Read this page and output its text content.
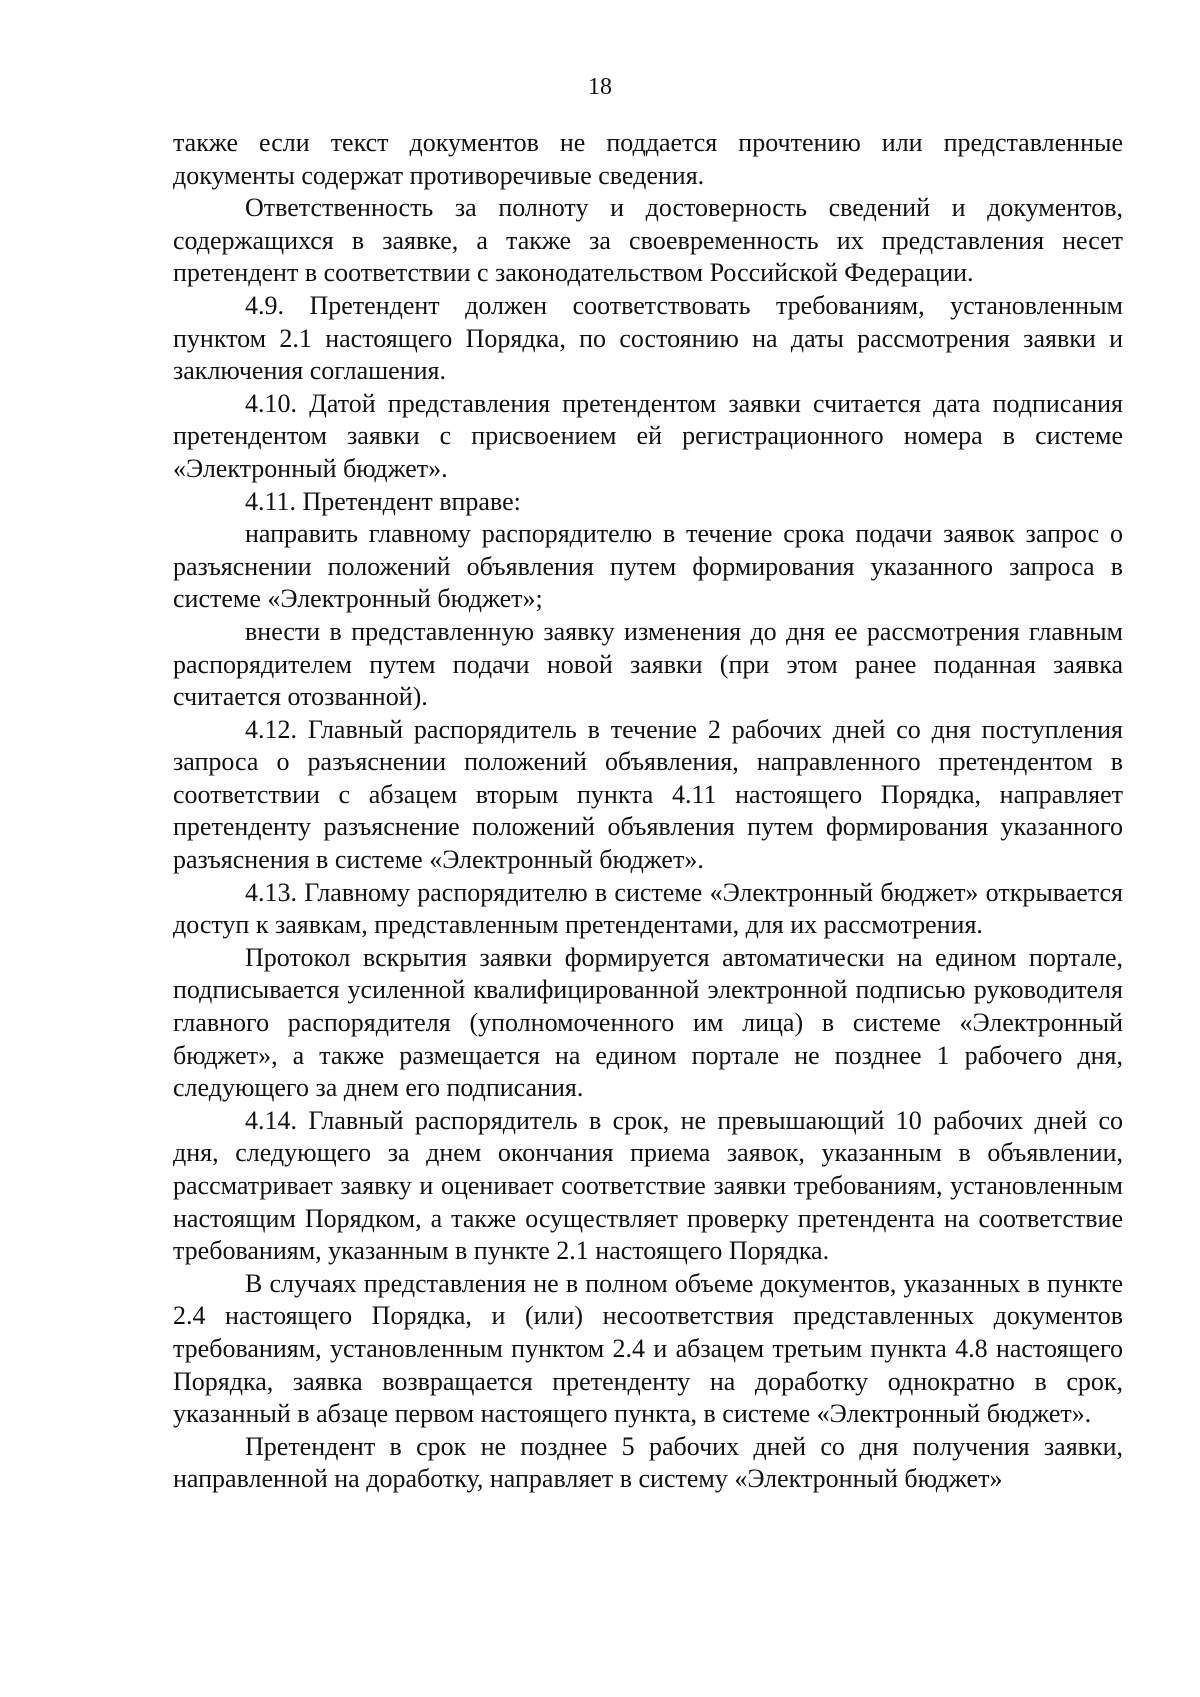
18

также если текст документов не поддается прочтению или представленные документы содержат противоречивые сведения.

Ответственность за полноту и достоверность сведений и документов, содержащихся в заявке, а также за своевременность их представления несет претендент в соответствии с законодательством Российской Федерации.

4.9. Претендент должен соответствовать требованиям, установленным пунктом 2.1 настоящего Порядка, по состоянию на даты рассмотрения заявки и заключения соглашения.

4.10. Датой представления претендентом заявки считается дата подписания претендентом заявки с присвоением ей регистрационного номера в системе «Электронный бюджет».

4.11. Претендент вправе:

направить главному распорядителю в течение срока подачи заявок запрос о разъяснении положений объявления путем формирования указанного запроса в системе «Электронный бюджет»;

внести в представленную заявку изменения до дня ее рассмотрения главным распорядителем путем подачи новой заявки (при этом ранее поданная заявка считается отозванной).

4.12. Главный распорядитель в течение 2 рабочих дней со дня поступления запроса о разъяснении положений объявления, направленного претендентом в соответствии с абзацем вторым пункта 4.11 настоящего Порядка, направляет претенденту разъяснение положений объявления путем формирования указанного разъяснения в системе «Электронный бюджет».

4.13. Главному распорядителю в системе «Электронный бюджет» открывается доступ к заявкам, представленным претендентами, для их рассмотрения.

Протокол вскрытия заявки формируется автоматически на едином портале, подписывается усиленной квалифицированной электронной подписью руководителя главного распорядителя (уполномоченного им лица) в системе «Электронный бюджет», а также размещается на едином портале не позднее 1 рабочего дня, следующего за днем его подписания.

4.14. Главный распорядитель в срок, не превышающий 10 рабочих дней со дня, следующего за днем окончания приема заявок, указанным в объявлении, рассматривает заявку и оценивает соответствие заявки требованиям, установленным настоящим Порядком, а также осуществляет проверку претендента на соответствие требованиям, указанным в пункте 2.1 настоящего Порядка.

В случаях представления не в полном объеме документов, указанных в пункте 2.4 настоящего Порядка, и (или) несоответствия представленных документов требованиям, установленным пунктом 2.4 и абзацем третьим пункта 4.8 настоящего Порядка, заявка возвращается претенденту на доработку однократно в срок, указанный в абзаце первом настоящего пункта, в системе «Электронный бюджет».

Претендент в срок не позднее 5 рабочих дней со дня получения заявки, направленной на доработку, направляет в систему «Электронный бюджет»
